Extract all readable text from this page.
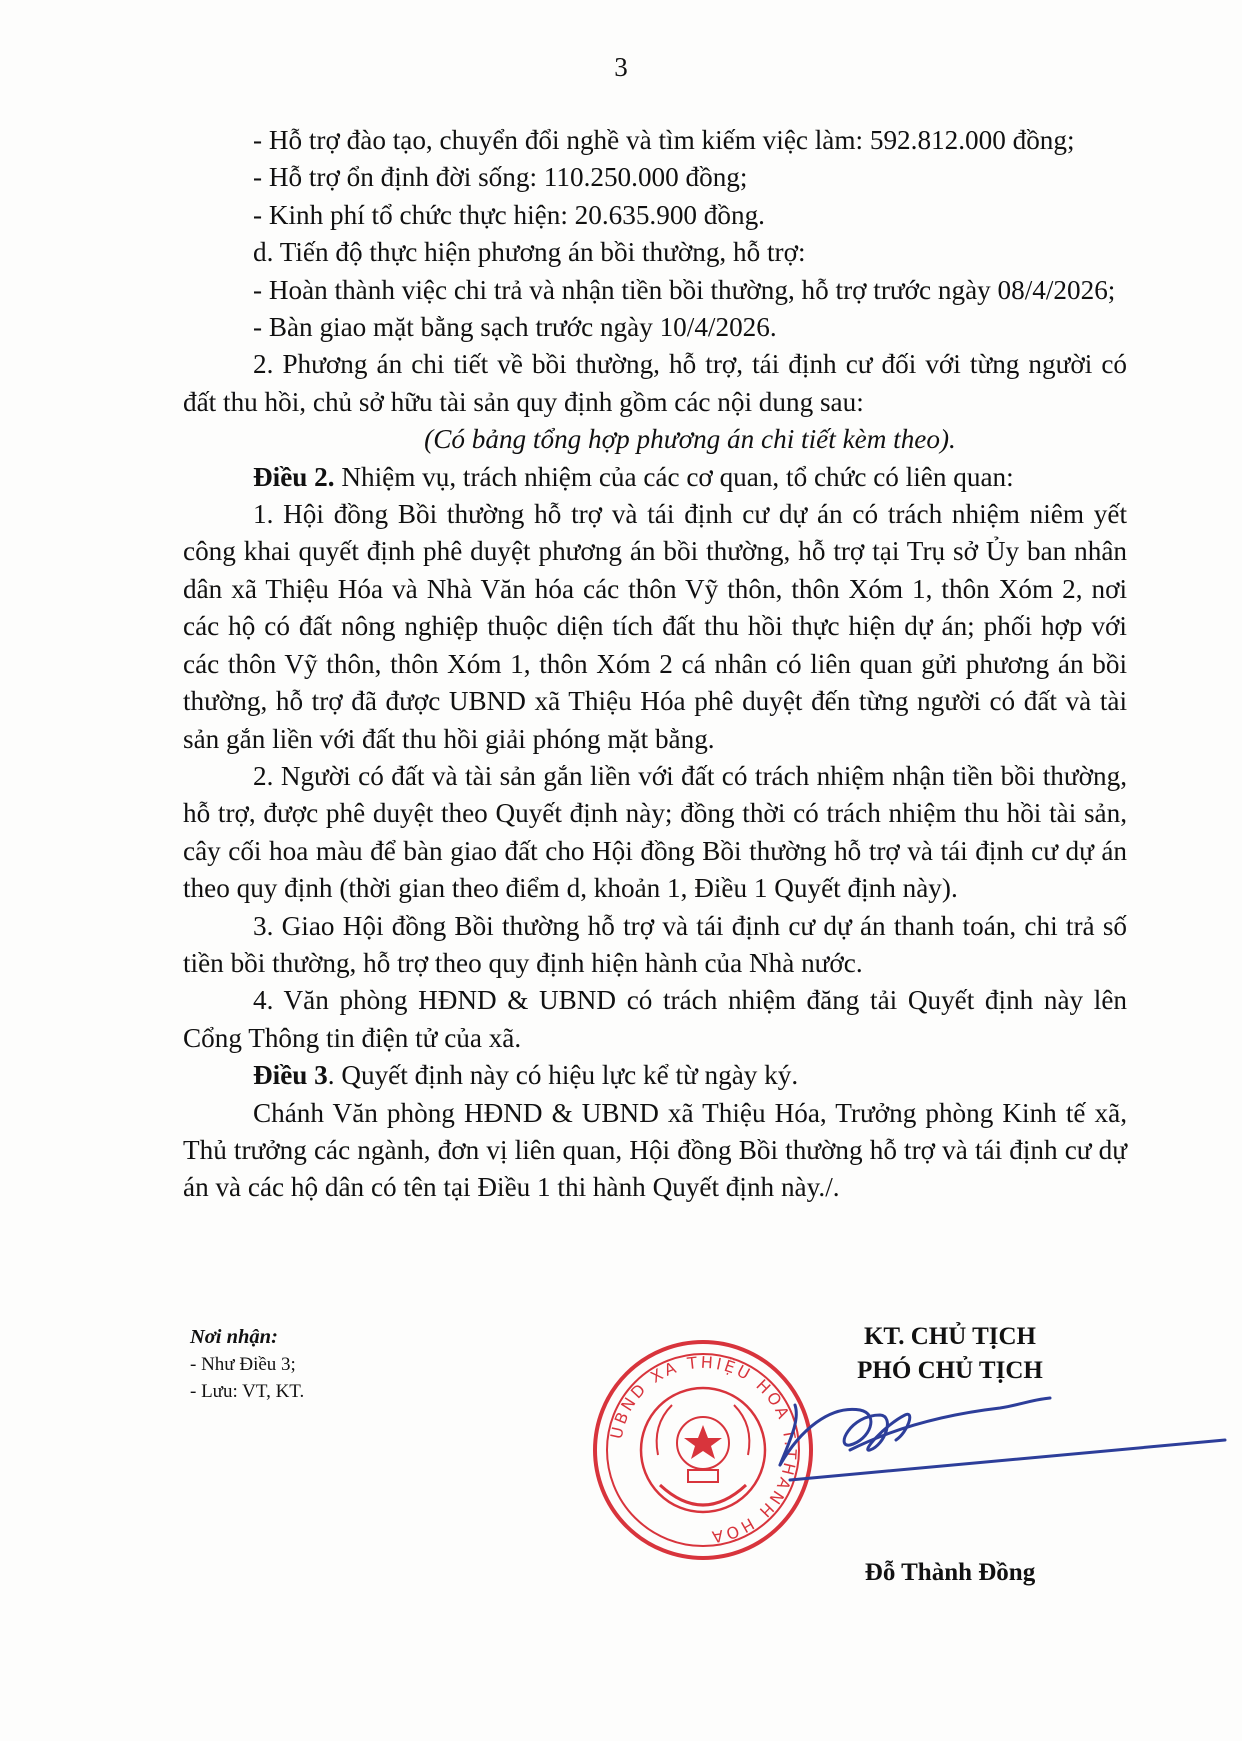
3

- Hỗ trợ đào tạo, chuyển đổi nghề và tìm kiếm việc làm: 592.812.000 đồng;

- Hỗ trợ ổn định đời sống: 110.250.000 đồng;

- Kinh phí tổ chức thực hiện: 20.635.900 đồng.

d. Tiến độ thực hiện phương án bồi thường, hỗ trợ:

- Hoàn thành việc chi trả và nhận tiền bồi thường, hỗ trợ trước ngày 08/4/2026;

- Bàn giao mặt bằng sạch trước ngày 10/4/2026.

2. Phương án chi tiết về bồi thường, hỗ trợ, tái định cư đối với từng người có đất thu hồi, chủ sở hữu tài sản quy định gồm các nội dung sau:

(Có bảng tổng hợp phương án chi tiết kèm theo).

Điều 2. Nhiệm vụ, trách nhiệm của các cơ quan, tổ chức có liên quan:

1. Hội đồng Bồi thường hỗ trợ và tái định cư dự án có trách nhiệm niêm yết công khai quyết định phê duyệt phương án bồi thường, hỗ trợ tại Trụ sở Ủy ban nhân dân xã Thiệu Hóa và Nhà Văn hóa các thôn Vỹ thôn, thôn Xóm 1, thôn Xóm 2, nơi các hộ có đất nông nghiệp thuộc diện tích đất thu hồi thực hiện dự án; phối hợp với các thôn Vỹ thôn, thôn Xóm 1, thôn Xóm 2 cá nhân có liên quan gửi phương án bồi thường, hỗ trợ đã được UBND xã Thiệu Hóa phê duyệt đến từng người có đất và tài sản gắn liền với đất thu hồi giải phóng mặt bằng.

2. Người có đất và tài sản gắn liền với đất có trách nhiệm nhận tiền bồi thường, hỗ trợ, được phê duyệt theo Quyết định này; đồng thời có trách nhiệm thu hồi tài sản, cây cối hoa màu để bàn giao đất cho Hội đồng Bồi thường hỗ trợ và tái định cư dự án theo quy định (thời gian theo điểm d, khoản 1, Điều 1 Quyết định này).

3. Giao Hội đồng Bồi thường hỗ trợ và tái định cư dự án thanh toán, chi trả số tiền bồi thường, hỗ trợ theo quy định hiện hành của Nhà nước.

4. Văn phòng HĐND & UBND có trách nhiệm đăng tải Quyết định này lên Cổng Thông tin điện tử của xã.

Điều 3. Quyết định này có hiệu lực kể từ ngày ký.

Chánh Văn phòng HĐND & UBND xã Thiệu Hóa, Trưởng phòng Kinh tế xã, Thủ trưởng các ngành, đơn vị liên quan, Hội đồng Bồi thường hỗ trợ và tái định cư dự án và các hộ dân có tên tại Điều 1 thi hành Quyết định này./.

Nơi nhận:
- Như Điều 3;
- Lưu: VT, KT.
UBND XÃ THIỆU HÓA T.THANH HÓA
KT. CHỦ TỊCH
PHÓ CHỦ TỊCH
Đỗ Thành Đồng
